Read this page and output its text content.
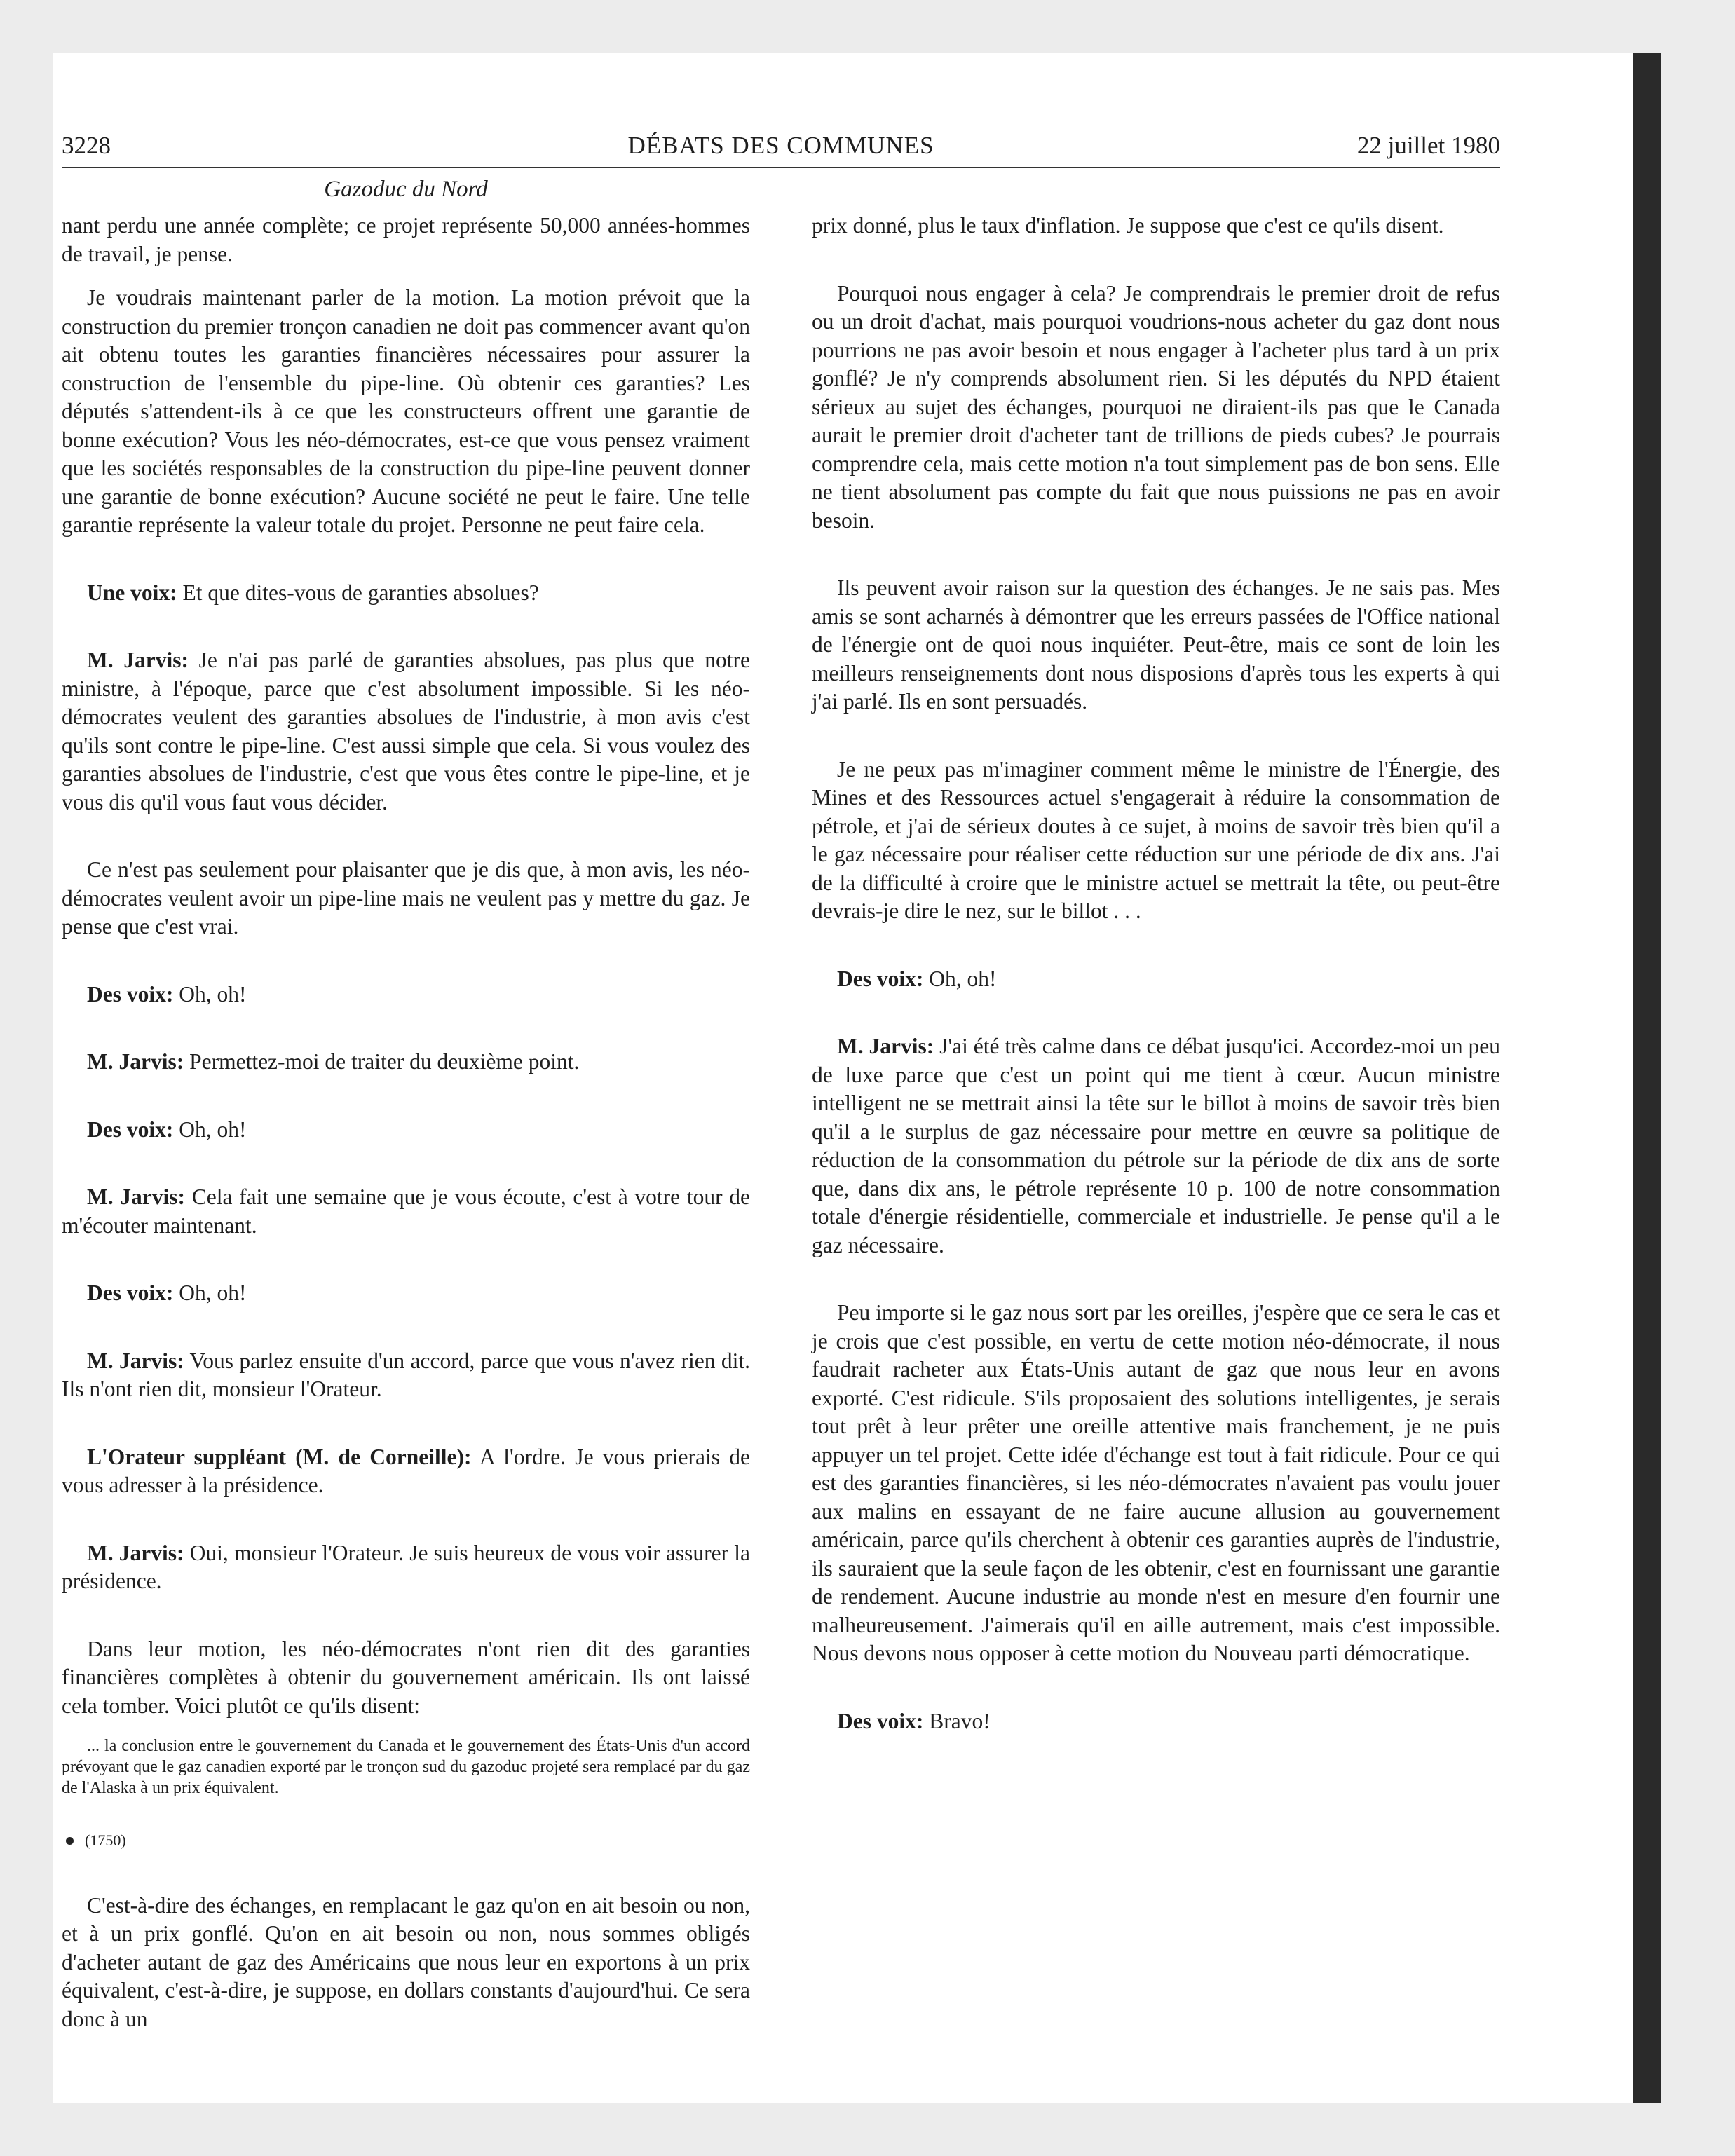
3228	DÉBATS DES COMMUNES	22 juillet 1980
Gazoduc du Nord

nant perdu une année complète; ce projet représente 50,000 années-hommes de travail, je pense.

Je voudrais maintenant parler de la motion. La motion prévoit que la construction du premier tronçon canadien ne doit pas commencer avant qu'on ait obtenu toutes les garanties financières nécessaires pour assurer la construction de l'ensemble du pipe-line. Où obtenir ces garanties? Les députés s'attendent-ils à ce que les constructeurs offrent une garantie de bonne exécution? Vous les néo-démocrates, est-ce que vous pensez vraiment que les sociétés responsables de la construction du pipe-line peuvent donner une garantie de bonne exécution? Aucune société ne peut le faire. Une telle garantie représente la valeur totale du projet. Personne ne peut faire cela.

Une voix: Et que dites-vous de garanties absolues?

M. Jarvis: Je n'ai pas parlé de garanties absolues, pas plus que notre ministre, à l'époque, parce que c'est absolument impossible. Si les néo-démocrates veulent des garanties absolues de l'industrie, à mon avis c'est qu'ils sont contre le pipe-line. C'est aussi simple que cela. Si vous voulez des garanties absolues de l'industrie, c'est que vous êtes contre le pipe-line, et je vous dis qu'il vous faut vous décider.

Ce n'est pas seulement pour plaisanter que je dis que, à mon avis, les néo-démocrates veulent avoir un pipe-line mais ne veulent pas y mettre du gaz. Je pense que c'est vrai.

Des voix: Oh, oh!

M. Jarvis: Permettez-moi de traiter du deuxième point.

Des voix: Oh, oh!

M. Jarvis: Cela fait une semaine que je vous écoute, c'est à votre tour de m'écouter maintenant.

Des voix: Oh, oh!

M. Jarvis: Vous parlez ensuite d'un accord, parce que vous n'avez rien dit. Ils n'ont rien dit, monsieur l'Orateur.

L'Orateur suppléant (M. de Corneille): A l'ordre. Je vous prierais de vous adresser à la présidence.

M. Jarvis: Oui, monsieur l'Orateur. Je suis heureux de vous voir assurer la présidence.

Dans leur motion, les néo-démocrates n'ont rien dit des garanties financières complètes à obtenir du gouvernement américain. Ils ont laissé cela tomber. Voici plutôt ce qu'ils disent:

... la conclusion entre le gouvernement du Canada et le gouvernement des États-Unis d'un accord prévoyant que le gaz canadien exporté par le tronçon sud du gazoduc projeté sera remplacé par du gaz de l'Alaska à un prix équivalent.
(1750)

C'est-à-dire des échanges, en remplacant le gaz qu'on en ait besoin ou non, et à un prix gonflé. Qu'on en ait besoin ou non, nous sommes obligés d'acheter autant de gaz des Américains que nous leur en exportons à un prix équivalent, c'est-à-dire, je suppose, en dollars constants d'aujourd'hui. Ce sera donc à un

prix donné, plus le taux d'inflation. Je suppose que c'est ce qu'ils disent.

Pourquoi nous engager à cela? Je comprendrais le premier droit de refus ou un droit d'achat, mais pourquoi voudrions-nous acheter du gaz dont nous pourrions ne pas avoir besoin et nous engager à l'acheter plus tard à un prix gonflé? Je n'y comprends absolument rien. Si les députés du NPD étaient sérieux au sujet des échanges, pourquoi ne diraient-ils pas que le Canada aurait le premier droit d'acheter tant de trillions de pieds cubes? Je pourrais comprendre cela, mais cette motion n'a tout simplement pas de bon sens. Elle ne tient absolument pas compte du fait que nous puissions ne pas en avoir besoin.

Ils peuvent avoir raison sur la question des échanges. Je ne sais pas. Mes amis se sont acharnés à démontrer que les erreurs passées de l'Office national de l'énergie ont de quoi nous inquiéter. Peut-être, mais ce sont de loin les meilleurs renseignements dont nous disposions d'après tous les experts à qui j'ai parlé. Ils en sont persuadés.

Je ne peux pas m'imaginer comment même le ministre de l'Énergie, des Mines et des Ressources actuel s'engagerait à réduire la consommation de pétrole, et j'ai de sérieux doutes à ce sujet, à moins de savoir très bien qu'il a le gaz nécessaire pour réaliser cette réduction sur une période de dix ans. J'ai de la difficulté à croire que le ministre actuel se mettrait la tête, ou peut-être devrais-je dire le nez, sur le billot . . .

Des voix: Oh, oh!

M. Jarvis: J'ai été très calme dans ce débat jusqu'ici. Accordez-moi un peu de luxe parce que c'est un point qui me tient à cœur. Aucun ministre intelligent ne se mettrait ainsi la tête sur le billot à moins de savoir très bien qu'il a le surplus de gaz nécessaire pour mettre en œuvre sa politique de réduction de la consommation du pétrole sur la période de dix ans de sorte que, dans dix ans, le pétrole représente 10 p. 100 de notre consommation totale d'énergie résidentielle, commerciale et industrielle. Je pense qu'il a le gaz nécessaire.

Peu importe si le gaz nous sort par les oreilles, j'espère que ce sera le cas et je crois que c'est possible, en vertu de cette motion néo-démocrate, il nous faudrait racheter aux États-Unis autant de gaz que nous leur en avons exporté. C'est ridicule. S'ils proposaient des solutions intelligentes, je serais tout prêt à leur prêter une oreille attentive mais franchement, je ne puis appuyer un tel projet. Cette idée d'échange est tout à fait ridicule. Pour ce qui est des garanties financières, si les néo-démocrates n'avaient pas voulu jouer aux malins en essayant de ne faire aucune allusion au gouvernement américain, parce qu'ils cherchent à obtenir ces garanties auprès de l'industrie, ils sauraient que la seule façon de les obtenir, c'est en fournissant une garantie de rendement. Aucune industrie au monde n'est en mesure d'en fournir une malheureusement. J'aimerais qu'il en aille autrement, mais c'est impossible. Nous devons nous opposer à cette motion du Nouveau parti démocratique.

Des voix: Bravo!
